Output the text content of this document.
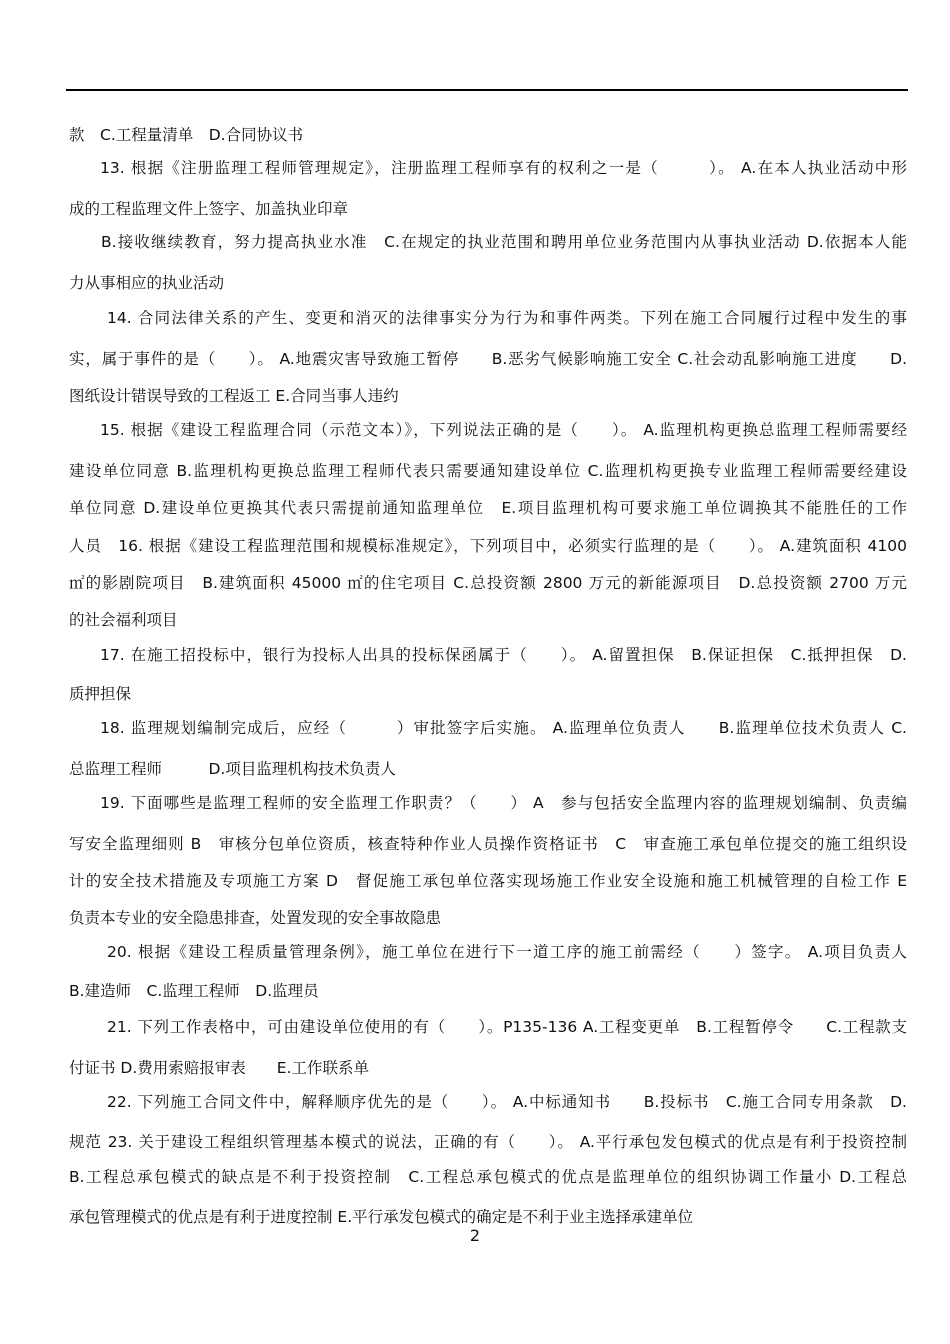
款　C.工程量清单　D.合同协议书
13. 根据《注册监理工程师管理规定》，注册监理工程师享有的权利之一是（　　　）。 A.在本人执业活动中形
成的工程监理文件上签字、加盖执业印章
B.接收继续教育，努力提高执业水准　C.在规定的执业范围和聘用单位业务范围内从事执业活动 D.依据本人能
力从事相应的执业活动
14. 合同法律关系的产生、变更和消灭的法律事实分为行为和事件两类。下列在施工合同履行过程中发生的事
实，属于事件的是（　　）。 A.地震灾害导致施工暂停　　B.恶劣气候影响施工安全 C.社会动乱影响施工进度　　D.
图纸设计错误导致的工程返工 E.合同当事人违约
15. 根据《建设工程监理合同（示范文本）》，下列说法正确的是（　　）。 A.监理机构更换总监理工程师需要经
建设单位同意 B.监理机构更换总监理工程师代表只需要通知建设单位 C.监理机构更换专业监理工程师需要经建设
单位同意 D.建设单位更换其代表只需提前通知监理单位　E.项目监理机构可要求施工单位调换其不能胜任的工作
人员　16. 根据《建设工程监理范围和规模标准规定》，下列项目中，必须实行监理的是（　　）。 A.建筑面积 4100
㎡的影剧院项目　B.建筑面积 45000 ㎡的住宅项目 C.总投资额 2800 万元的新能源项目　D.总投资额 2700 万元
的社会福利项目
17. 在施工招投标中，银行为投标人出具的投标保函属于（　　）。 A.留置担保　B.保证担保　C.抵押担保　D.
质押担保
18. 监理规划编制完成后，应经（　　　）审批签字后实施。 A.监理单位负责人　　B.监理单位技术负责人 C.
总监理工程师　　　D.项目监理机构技术负责人
19. 下面哪些是监理工程师的安全监理工作职责？（　　） A　参与包括安全监理内容的监理规划编制、负责编
写安全监理细则 B　审核分包单位资质，核查特种作业人员操作资格证书　C　审查施工承包单位提交的施工组织设
计的安全技术措施及专项施工方案 D　督促施工承包单位落实现场施工作业安全设施和施工机械管理的自检工作 E
负责本专业的安全隐患排查，处置发现的安全事故隐患
20. 根据《建设工程质量管理条例》，施工单位在进行下一道工序的施工前需经（　　）签字。 A.项目负责人
B.建造师　C.监理工程师　D.监理员
21. 下列工作表格中，可由建设单位使用的有（　　）。P135-136 A.工程变更单　B.工程暂停令　　C.工程款支
付证书 D.费用索赔报审表　　E.工作联系单
22. 下列施工合同文件中，解释顺序优先的是（　　）。 A.中标通知书　　B.投标书　C.施工合同专用条款　D.
规范 23. 关于建设工程组织管理基本模式的说法，正确的有（　　）。 A.平行承包发包模式的优点是有利于投资控制
B.工程总承包模式的缺点是不利于投资控制　C.工程总承包模式的优点是监理单位的组织协调工作量小 D.工程总
承包管理模式的优点是有利于进度控制 E.平行承发包模式的确定是不利于业主选择承建单位
2
